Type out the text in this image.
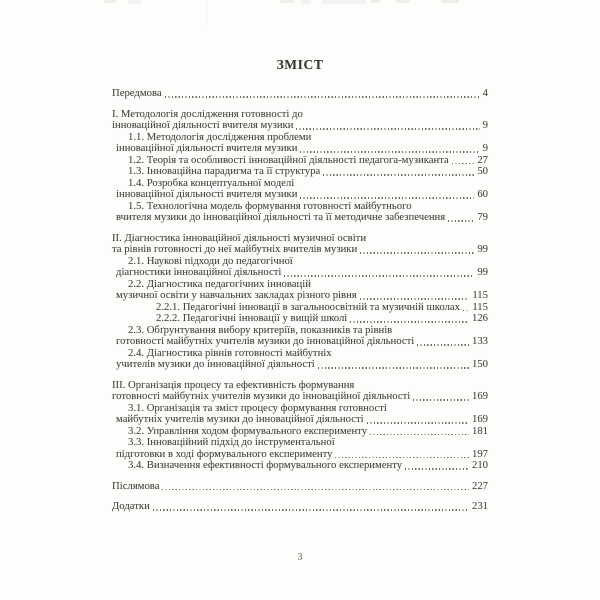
ЗМІСТ
Передмова	4
I. Методологія дослідження готовності до
інноваційної діяльності вчителя музики	9
1.1. Методологія дослідження проблеми
інноваційної діяльності вчителя музики	9
1.2. Теорія та особливості інноваційної діяльності педагога-музиканта	27
1.3. Інноваційна парадигма та її структура	50
1.4. Розробка концептуальної моделі
інноваційної діяльності вчителя музики	60
1.5. Технологічна модель формування готовності майбутнього
вчителя музики до інноваційної діяльності та її методичне забезпечення	79
II. Діагностика інноваційної діяльності музичної освіти
та рівнів готовності до неї майбутніх вчителів музики	99
2.1. Наукові підходи до педагогічної
діагностики інноваційної діяльності	99
2.2. Діагностика педагогічних інновацій
музичної освіти у навчальних закладах різного рівня	115
2.2.1. Педагогічні інновації в загальноосвітній та музичній школах 115
2.2.2. Педагогічні інновації у вищій школі	126
2.3. Обґрунтування вибору критеріїв, показників та рівнів
готовності майбутніх учителів музики до інноваційної діяльності	133
2.4. Діагностика рівнів готовності майбутніх
учителів музики до інноваційної діяльності	150
III. Організація процесу та ефективність формування
готовності майбутніх учителів музики до інноваційної діяльності	169
3.1. Організація та зміст процесу формування готовності
майбутніх учителів музики до інноваційної діяльності	169
3.2. Управління ходом формувального експерименту	181
3.3. Інноваційний підхід до інструментальної
підготовки в ході формувального експерименту	197
3.4. Визначення ефективності формувального експерименту	210
Післямова	227
Додатки	231
3
